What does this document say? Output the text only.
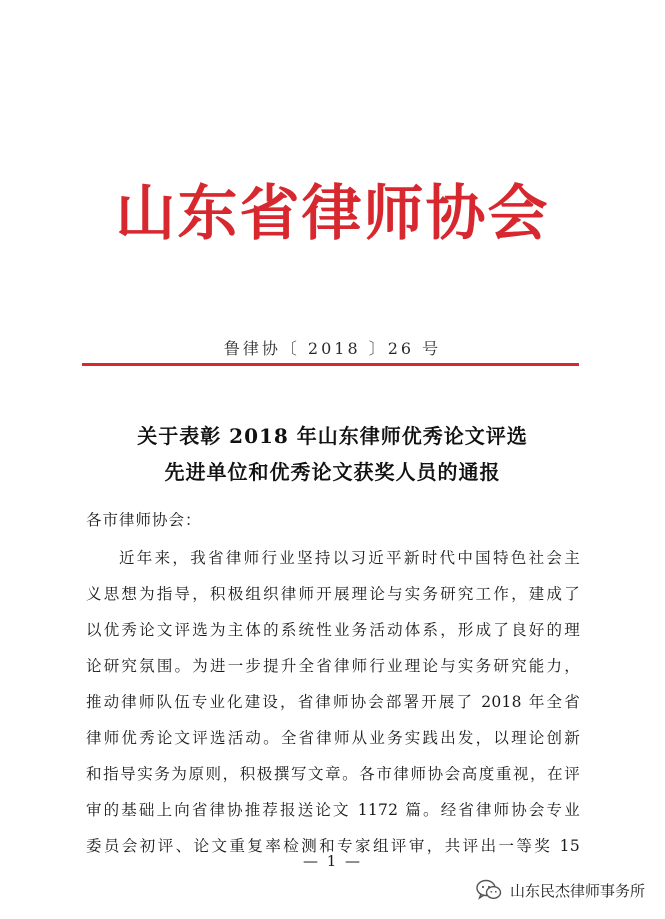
山东省律师协会
鲁律协〔 2018 〕26 号
关于表彰 2018 年山东律师优秀论文评选
先进单位和优秀论文获奖人员的通报
各市律师协会：
近年来，我省律师行业坚持以习近平新时代中国特色社会主
义思想为指导，积极组织律师开展理论与实务研究工作，建成了
以优秀论文评选为主体的系统性业务活动体系，形成了良好的理
论研究氛围。为进一步提升全省律师行业理论与实务研究能力，
推动律师队伍专业化建设，省律师协会部署开展了 2018 年全省
律师优秀论文评选活动。全省律师从业务实践出发，以理论创新
和指导实务为原则，积极撰写文章。各市律师协会高度重视，在评
审的基础上向省律协推荐报送论文 1172 篇。经省律师协会专业
委员会初评、论文重复率检测和专家组评审，共评出一等奖 15
— 1 —
山东民杰律师事务所
